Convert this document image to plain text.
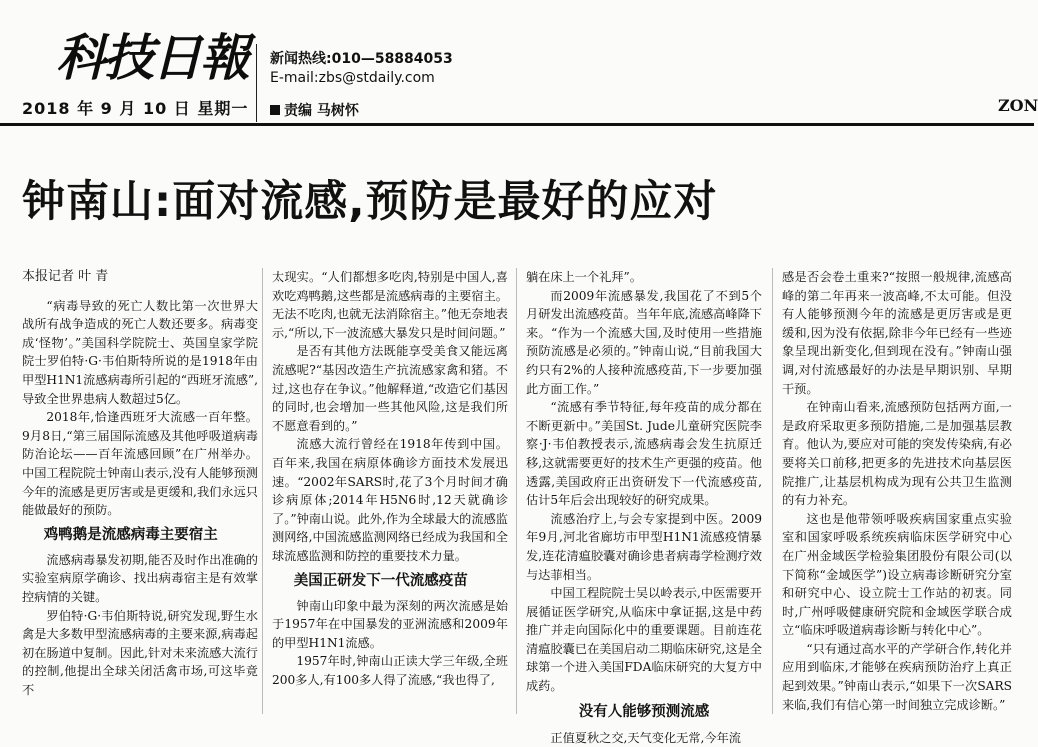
科技日報
2018 年 9 月 10 日 星期一
新闻热线:010—58884053
E-mail:zbs@stdaily.com
责编 马树怀	ZON
钟南山:面对流感,预防是最好的应对

本报记者 叶 青

“病毒导致的死亡人数比第一次世界大战所有战争造成的死亡人数还要多。病毒变成‘怪物’。”美国科学院院士、英国皇家学院院士罗伯特·G·韦伯斯特所说的是1918年由甲型H1N1流感病毒所引起的“西班牙流感”,导致全世界患病人数超过5亿。

2018年,恰逢西班牙大流感一百年整。9月8日,“第三届国际流感及其他呼吸道病毒防治论坛——百年流感回顾”在广州举办。中国工程院院士钟南山表示,没有人能够预测今年的流感是更厉害或是更缓和,我们永远只能做最好的预防。

鸡鸭鹅是流感病毒主要宿主

流感病毒暴发初期,能否及时作出准确的实验室病原学确诊、找出病毒宿主是有效掌控病情的关键。

罗伯特·G·韦伯斯特说,研究发现,野生水禽是大多数甲型流感病毒的主要来源,病毒起初在肠道中复制。因此,针对未来流感大流行的控制,他提出全球关闭活禽市场,可这毕竟不

太现实。“人们都想多吃肉,特别是中国人,喜欢吃鸡鸭鹅,这些都是流感病毒的主要宿主。无法不吃肉,也就无法消除宿主。”他无奈地表示,“所以,下一波流感大暴发只是时间问题。”

是否有其他方法既能享受美食又能远离流感呢?“基因改造生产抗流感家禽和猪。不过,这也存在争议。”他解释道,“改造它们基因的同时,也会增加一些其他风险,这是我们所不愿意看到的。”

流感大流行曾经在1918年传到中国。百年来,我国在病原体确诊方面技术发展迅速。“2002年SARS时,花了3个月时间才确诊病原体;2014年H5N6时,12天就确诊了。”钟南山说。此外,作为全球最大的流感监测网络,中国流感监测网络已经成为我国和全球流感监测和防控的重要技术力量。

美国正研发下一代流感疫苗

钟南山印象中最为深刻的两次流感是始于1957年在中国暴发的亚洲流感和2009年的甲型H1N1流感。

1957年时,钟南山正读大学三年级,全班200多人,有100多人得了流感,“我也得了,

躺在床上一个礼拜”。

而2009年流感暴发,我国花了不到5个月研发出流感疫苗。当年年底,流感高峰降下来。“作为一个流感大国,及时使用一些措施预防流感是必须的。”钟南山说,“目前我国大约只有2%的人接种流感疫苗,下一步要加强此方面工作。”

“流感有季节特征,每年疫苗的成分都在不断更新中。”美国St. Jude儿童研究医院李察·J·韦伯教授表示,流感病毒会发生抗原迁移,这就需要更好的技术生产更强的疫苗。他透露,美国政府正出资研发下一代流感疫苗,估计5年后会出现较好的研究成果。

流感治疗上,与会专家提到中医。2009年9月,河北省廊坊市甲型H1N1流感疫情暴发,连花清瘟胶囊对确诊患者病毒学检测疗效与达菲相当。

中国工程院院士吴以岭表示,中医需要开展循证医学研究,从临床中拿证据,这是中药推广并走向国际化中的重要课题。目前连花清瘟胶囊已在美国启动二期临床研究,这是全球第一个进入美国FDA临床研究的大复方中成药。

没有人能够预测流感

正值夏秋之交,天气变化无常,今年流

感是否会卷土重来?“按照一般规律,流感高峰的第二年再来一波高峰,不太可能。但没有人能够预测今年的流感是更厉害或是更缓和,因为没有依据,除非今年已经有一些迹象呈现出新变化,但到现在没有。”钟南山强调,对付流感最好的办法是早期识别、早期干预。

在钟南山看来,流感预防包括两方面,一是政府采取更多预防措施,二是加强基层教育。他认为,要应对可能的突发传染病,有必要将关口前移,把更多的先进技术向基层医院推广,让基层机构成为现有公共卫生监测的有力补充。

这也是他带领呼吸疾病国家重点实验室和国家呼吸系统疾病临床医学研究中心在广州金域医学检验集团股份有限公司(以下简称“金域医学”)设立病毒诊断研究分室和研究中心、设立院士工作站的初衷。同时,广州呼吸健康研究院和金域医学联合成立“临床呼吸道病毒诊断与转化中心”。

“只有通过高水平的产学研合作,转化并应用到临床,才能够在疾病预防治疗上真正起到效果。”钟南山表示,“如果下一次SARS来临,我们有信心第一时间独立完成诊断。”
